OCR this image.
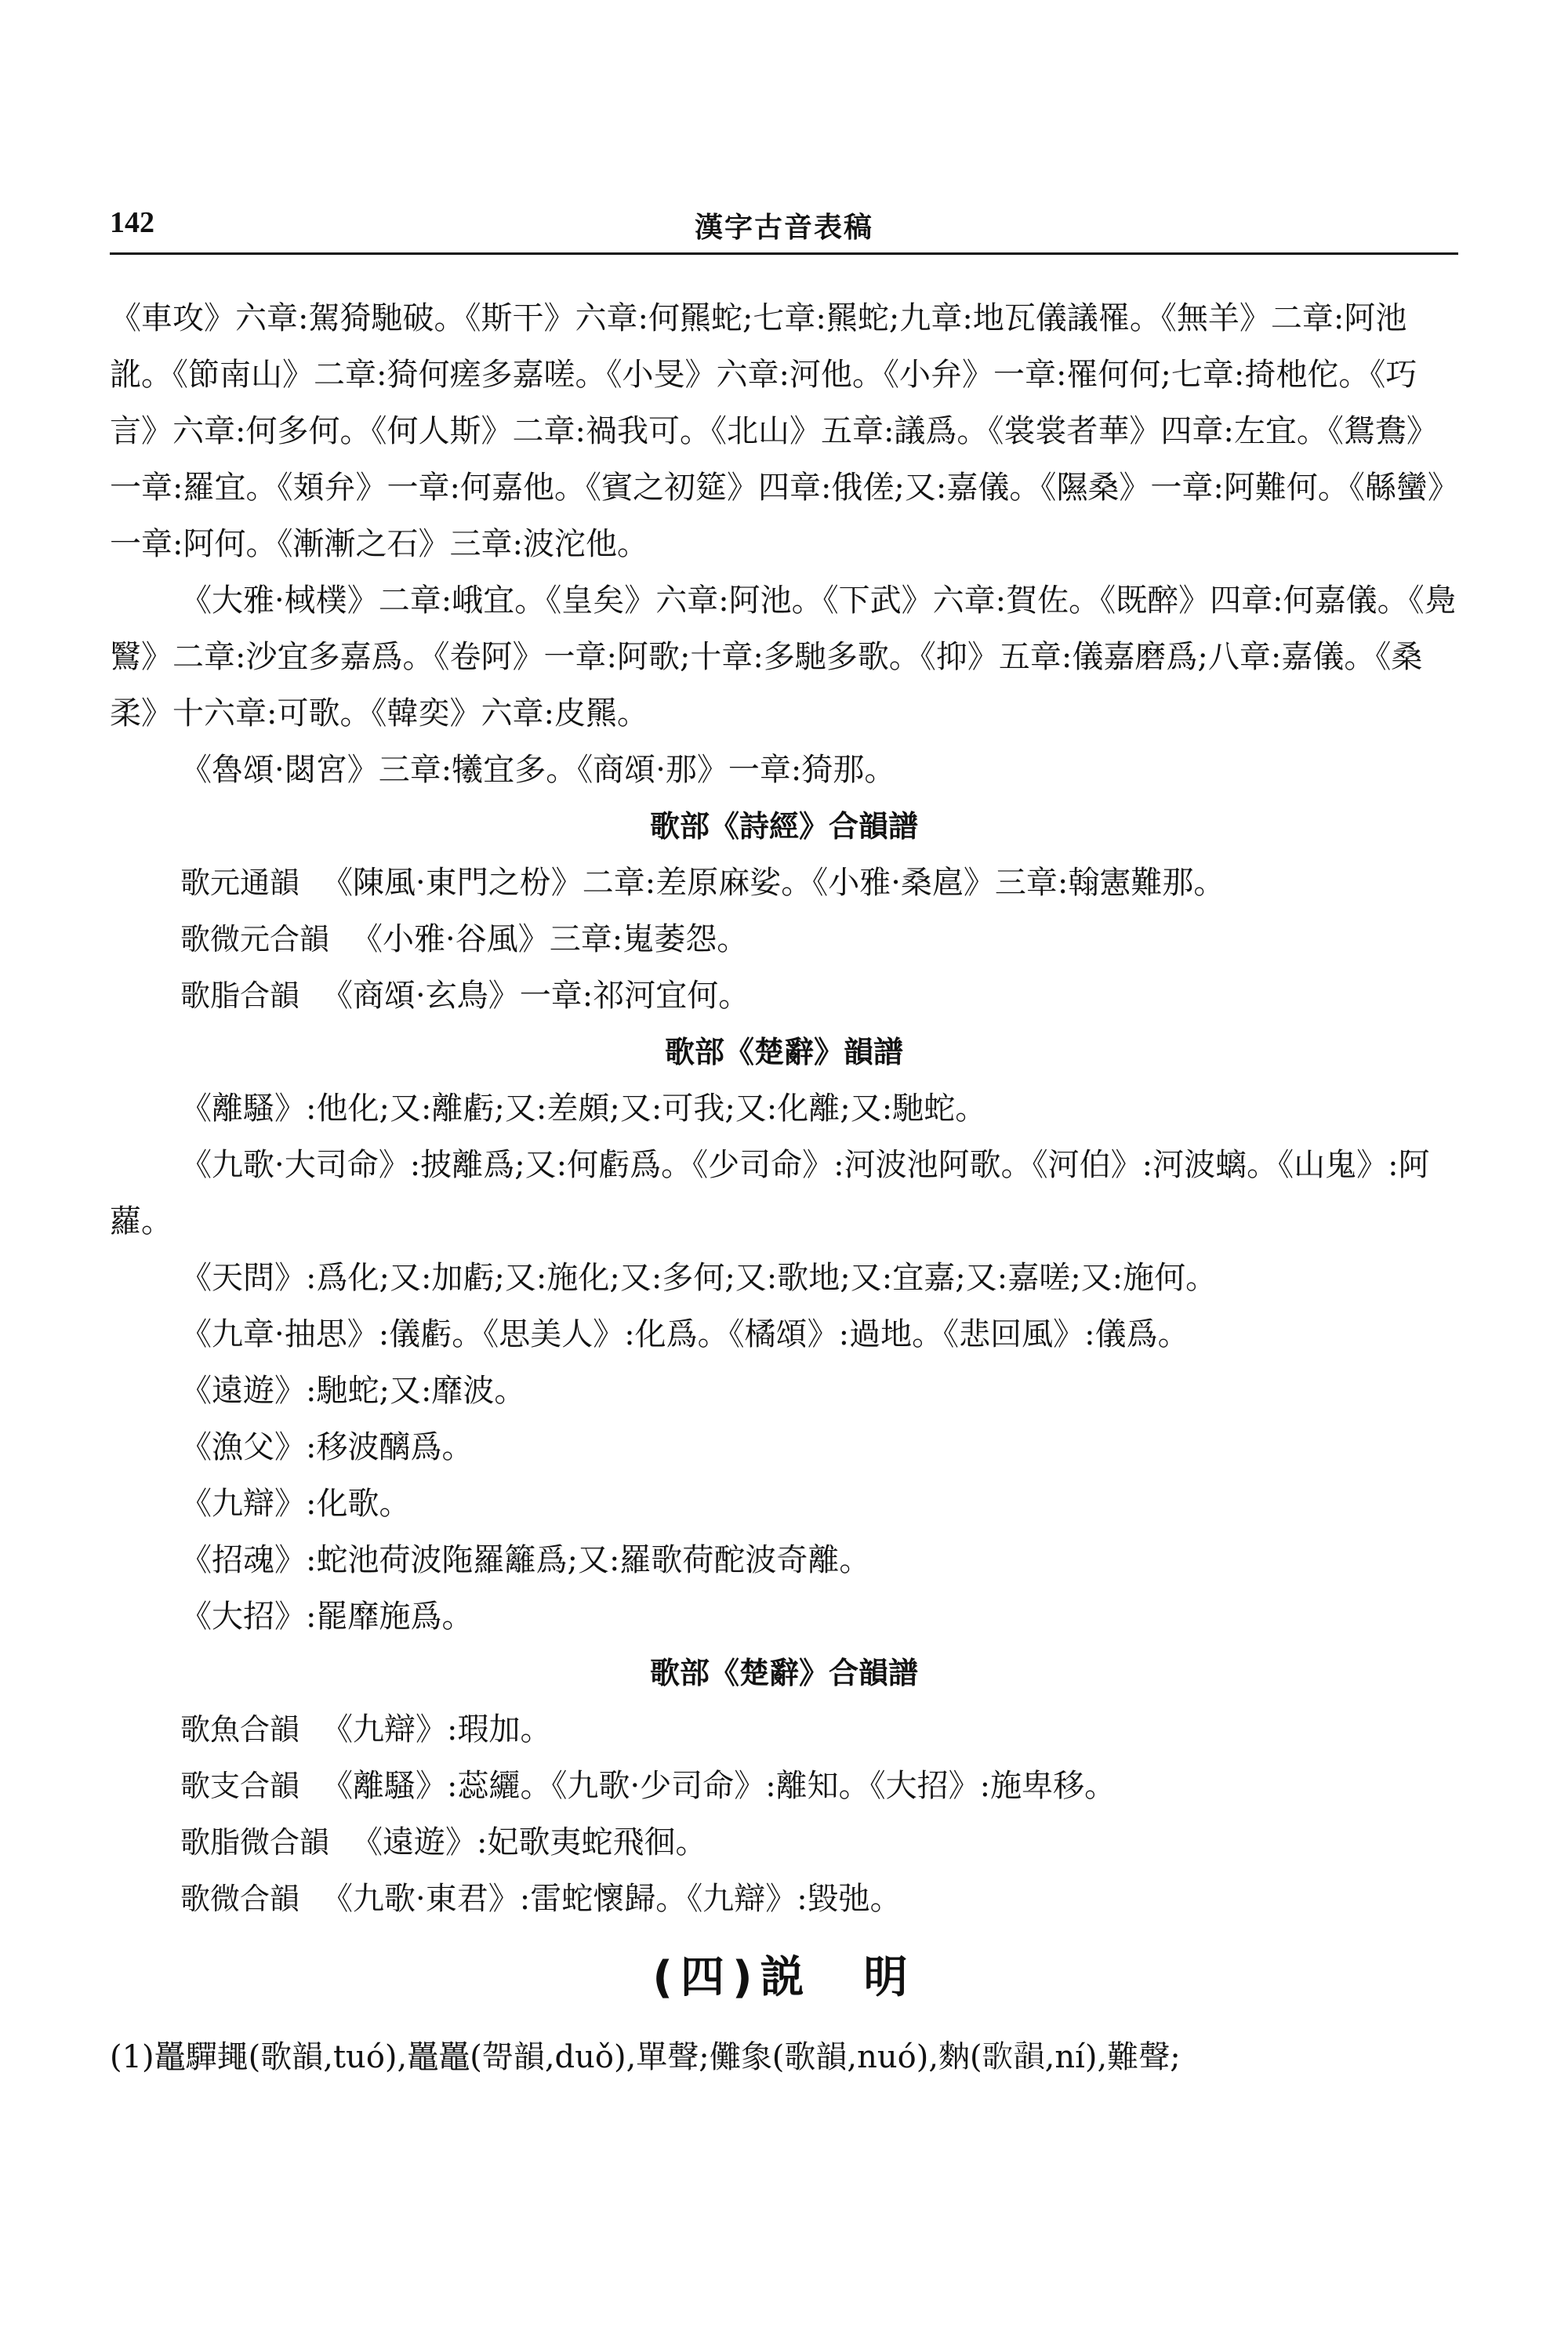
142	漢字古音表稿

《車攻》六章:駕猗馳破。《斯干》六章:何羆蛇;七章:羆蛇;九章:地瓦儀議罹。《無羊》二章:阿池訛。《節南山》二章:猗何瘥多嘉嗟。《小旻》六章:河他。《小弁》一章:罹何何;七章:掎杝佗。《巧言》六章:何多何。《何人斯》二章:禍我可。《北山》五章:議爲。《裳裳者華》四章:左宜。《鴛鴦》一章:羅宜。《頍弁》一章:何嘉他。《賓之初筵》四章:俄傞;又:嘉儀。《隰桑》一章:阿難何。《緜蠻》一章:阿何。《漸漸之石》三章:波沱他。

《大雅·棫樸》二章:峨宜。《皇矣》六章:阿池。《下武》六章:賀佐。《既醉》四章:何嘉儀。《鳧鷖》二章:沙宜多嘉爲。《卷阿》一章:阿歌;十章:多馳多歌。《抑》五章:儀嘉磨爲;八章:嘉儀。《桑柔》十六章:可歌。《韓奕》六章:皮羆。

《魯頌·閟宮》三章:犧宜多。《商頌·那》一章:猗那。

歌部《詩經》合韻譜

歌元通韻 《陳風·東門之枌》二章:差原麻娑。《小雅·桑扈》三章:翰憲難那。

歌微元合韻 《小雅·谷風》三章:嵬萎怨。

歌脂合韻 《商頌·玄鳥》一章:祁河宜何。

歌部《楚辭》韻譜

《離騷》:他化;又:離虧;又:差頗;又:可我;又:化離;又:馳蛇。

《九歌·大司命》:披離爲;又:何虧爲。《少司命》:河波池阿歌。《河伯》:河波螭。《山鬼》:阿蘿。

《天問》:爲化;又:加虧;又:施化;又:多何;又:歌地;又:宜嘉;又:嘉嗟;又:施何。

《九章·抽思》:儀虧。《思美人》:化爲。《橘頌》:過地。《悲回風》:儀爲。

《遠遊》:馳蛇;又:靡波。

《漁父》:移波醨爲。

《九辯》:化歌。

《招魂》:蛇池荷波陁羅籬爲;又:羅歌荷酡波奇離。

《大招》:罷靡施爲。

歌部《楚辭》合韻譜

歌魚合韻 《九辯》:瑕加。

歌支合韻 《離騷》:蕊纚。《九歌·少司命》:離知。《大招》:施卑移。

歌脂微合韻 《遠遊》:妃歌夷蛇飛徊。

歌微合韻 《九歌·東君》:雷蛇懷歸。《九辯》:毀弛。

(四)説　明

(1)鼉驒䵷(歌韻,tuó),鼉鼉(哿韻,duǒ),單聲;儺𧰼(歌韻,nuó),𪌅(歌韻,ní),難聲;
